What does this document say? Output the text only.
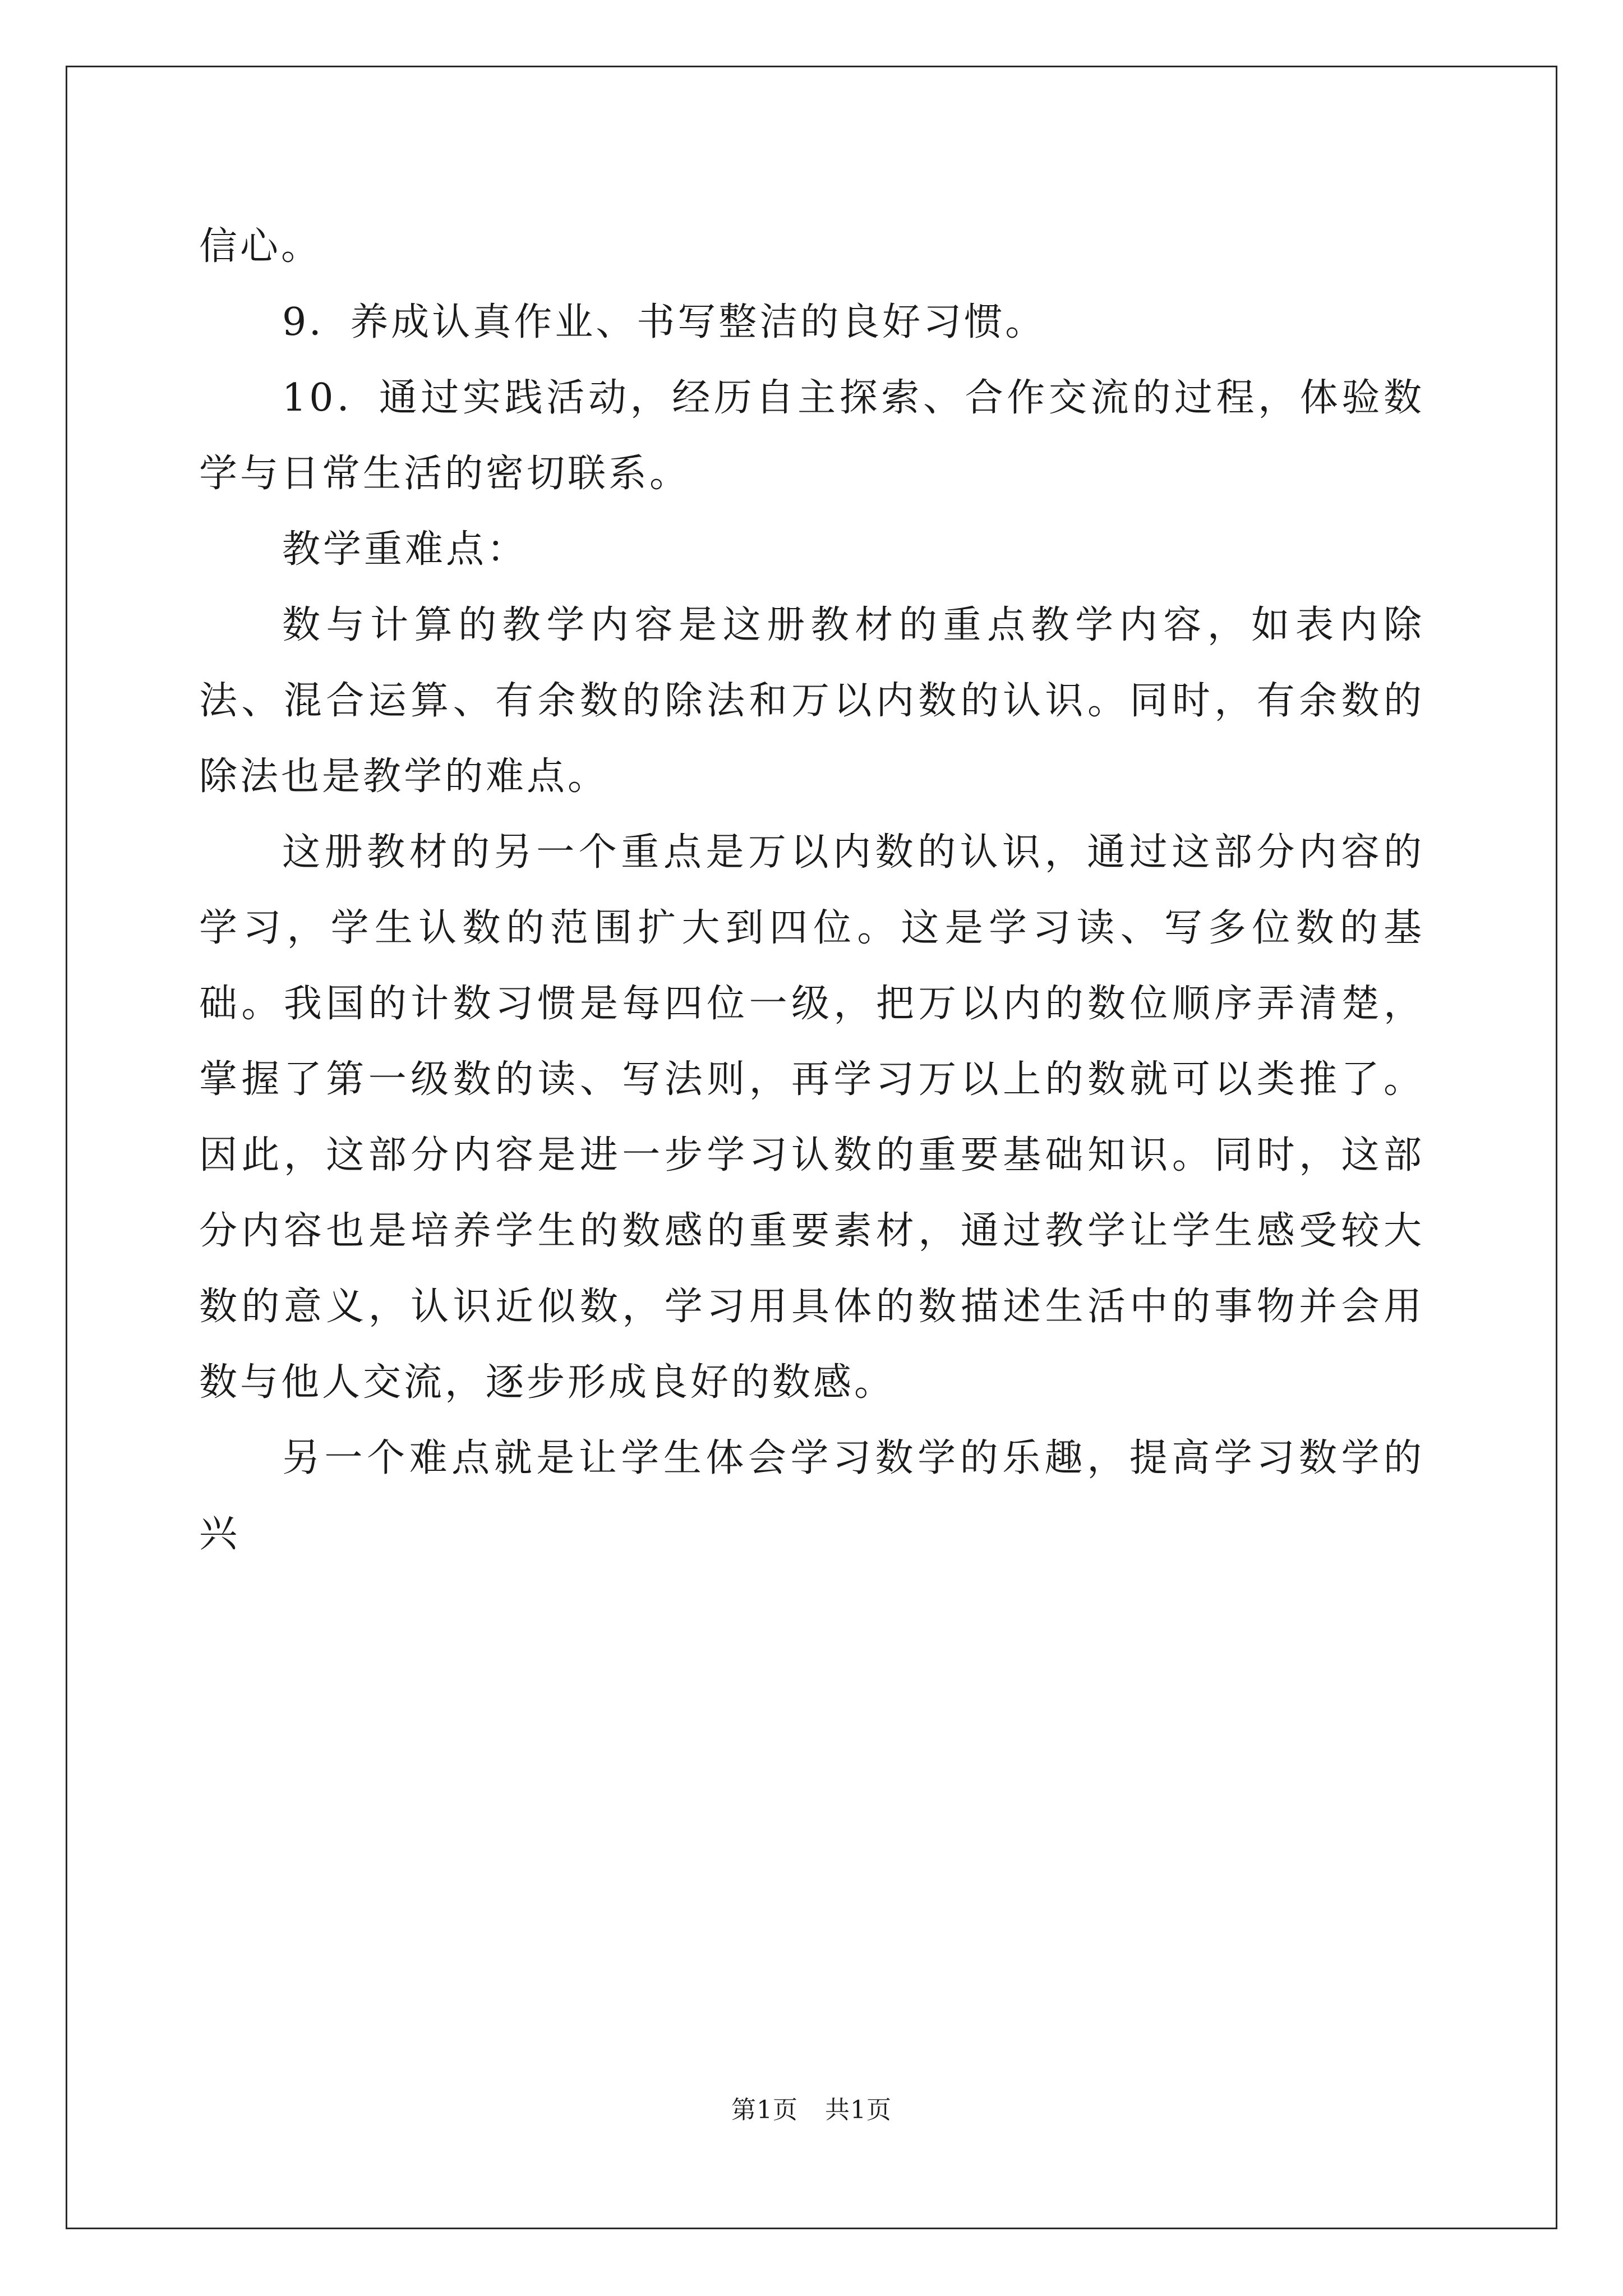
信心。

9．养成认真作业、书写整洁的良好习惯。

10．通过实践活动，经历自主探索、合作交流的过程，体验数学与日常生活的密切联系。

教学重难点：

数与计算的教学内容是这册教材的重点教学内容，如表内除法、混合运算、有余数的除法和万以内数的认识。同时，有余数的除法也是教学的难点。

这册教材的另一个重点是万以内数的认识，通过这部分内容的学习，学生认数的范围扩大到四位。这是学习读、写多位数的基础。我国的计数习惯是每四位一级，把万以内的数位顺序弄清楚，掌握了第一级数的读、写法则，再学习万以上的数就可以类推了。因此，这部分内容是进一步学习认数的重要基础知识。同时，这部分内容也是培养学生的数感的重要素材，通过教学让学生感受较大数的意义，认识近似数，学习用具体的数描述生活中的事物并会用数与他人交流，逐步形成良好的数感。

另一个难点就是让学生体会学习数学的乐趣，提高学习数学的兴

第1页 共1页
